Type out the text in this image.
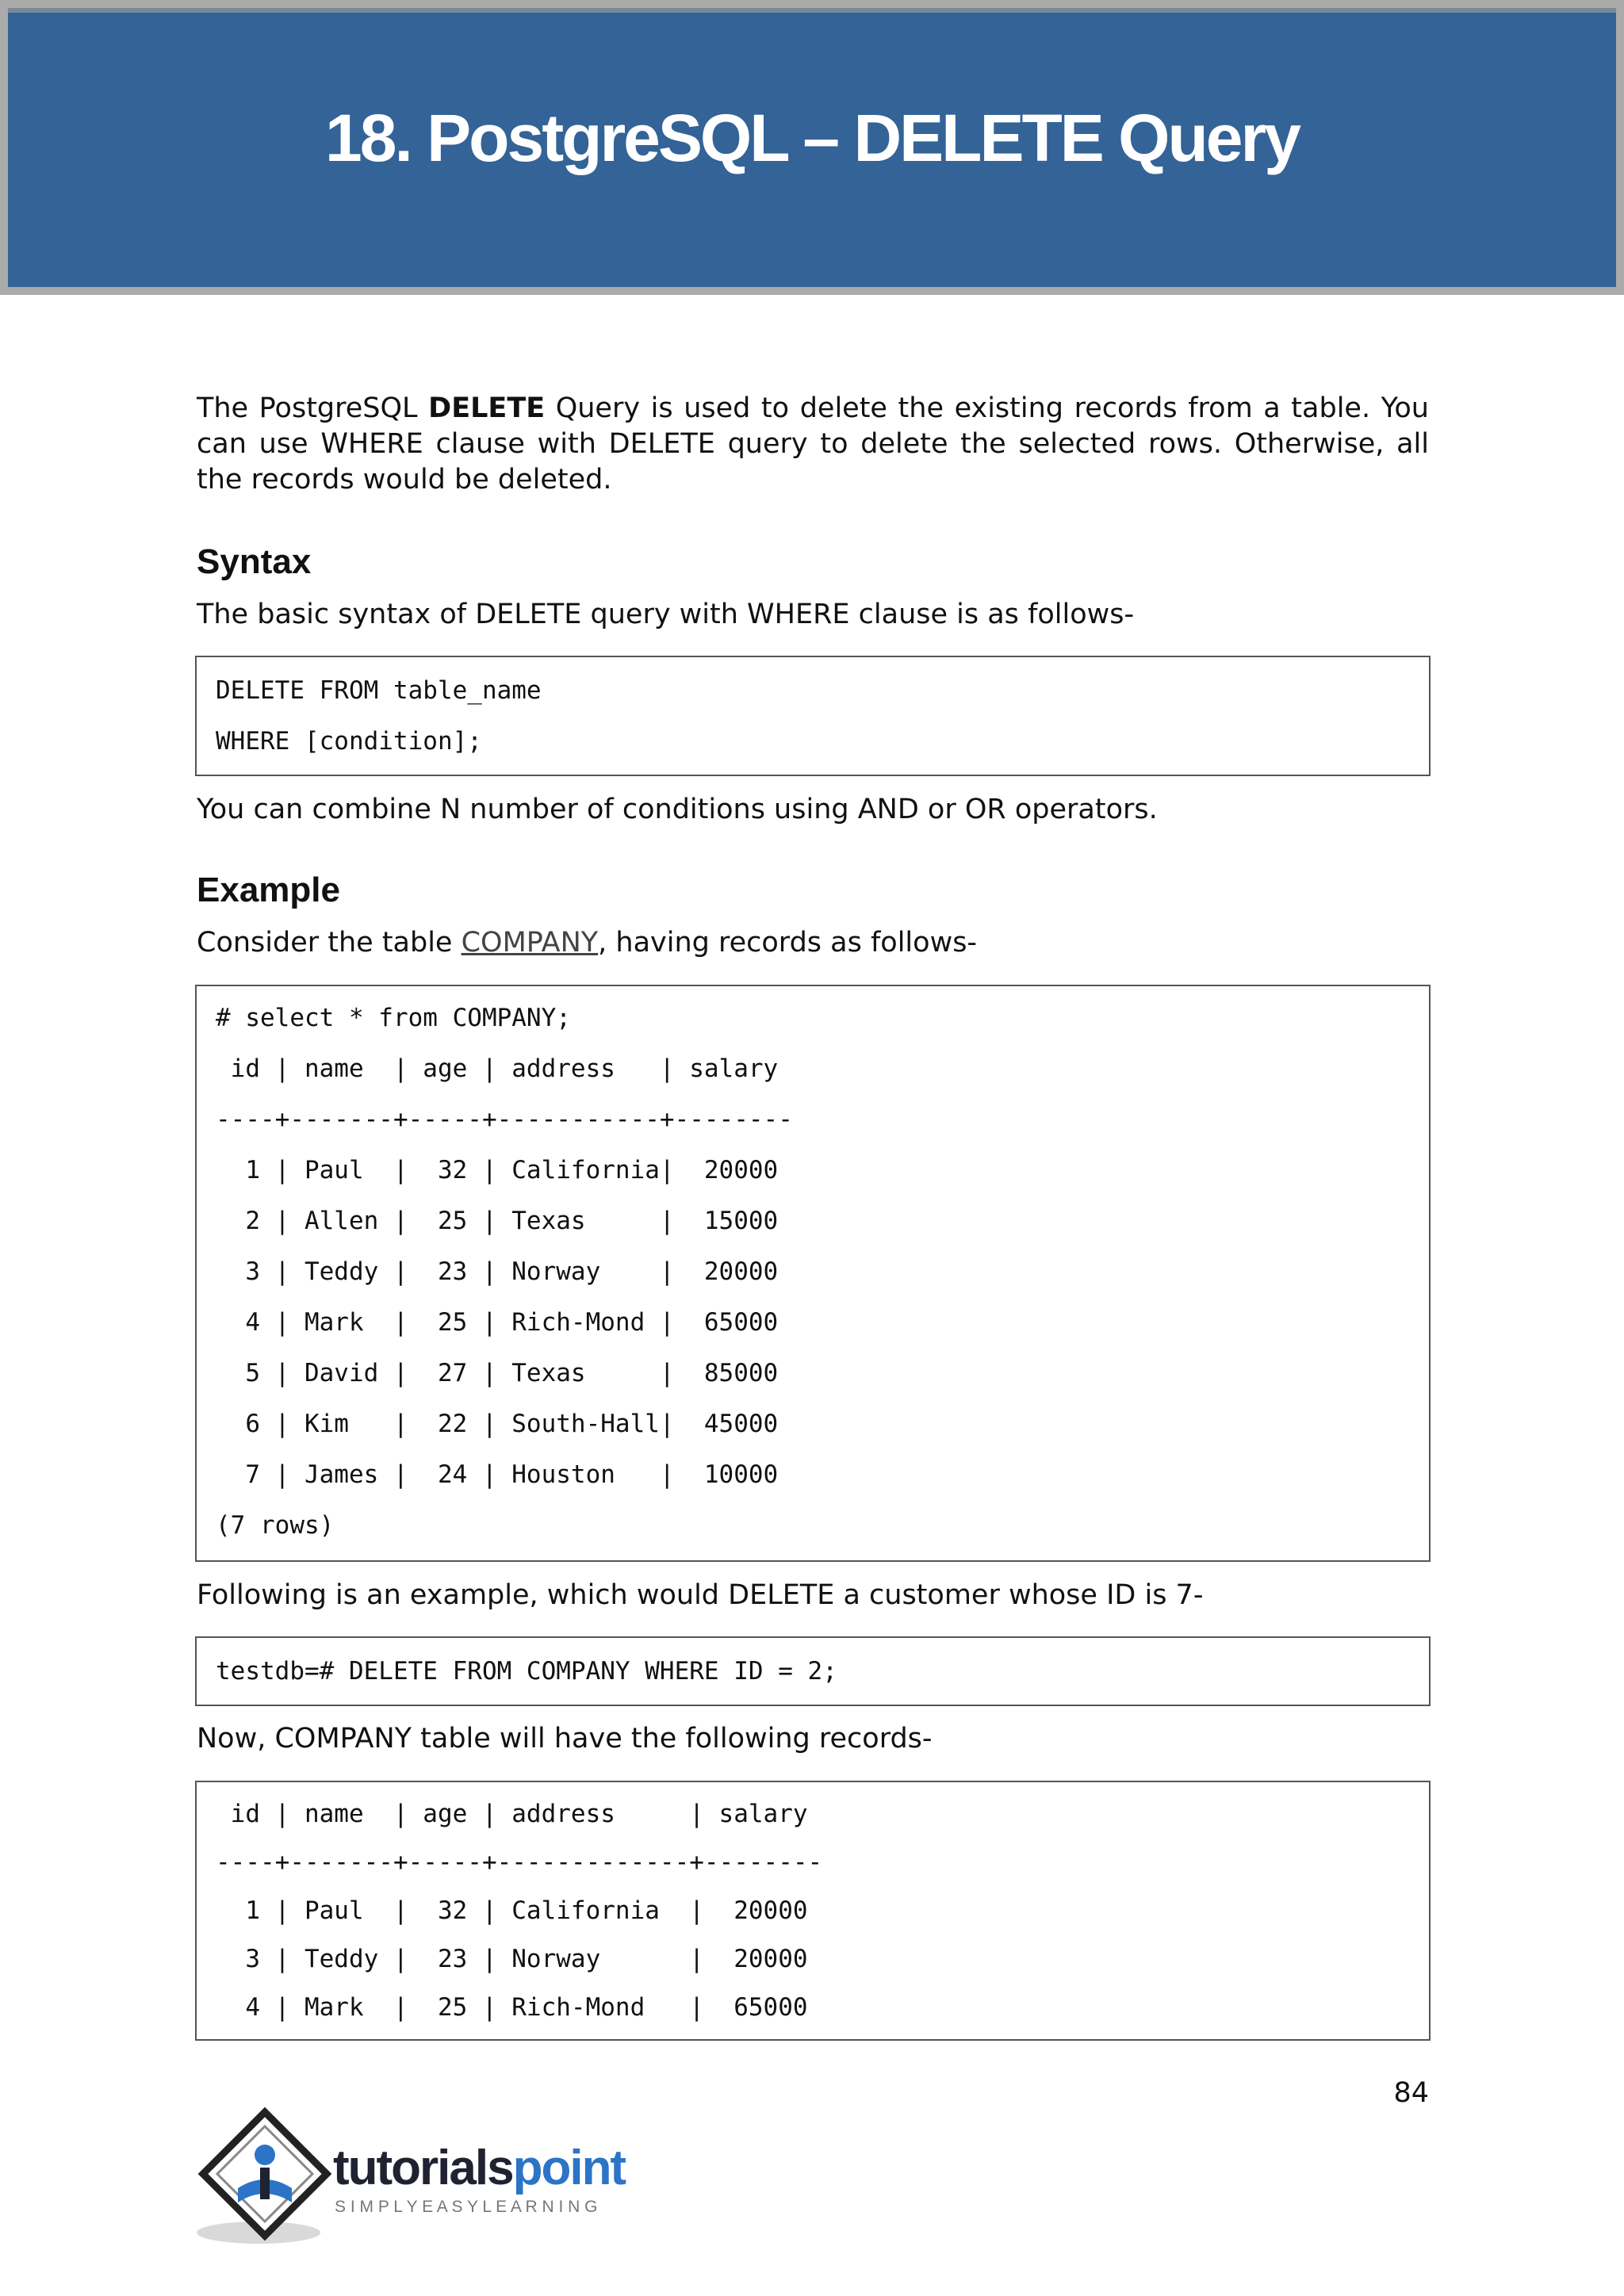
18. PostgreSQL – DELETE Query
The PostgreSQL DELETE Query is used to delete the existing records from a table. You can use WHERE clause with DELETE query to delete the selected rows. Otherwise, all the records would be deleted.
Syntax
The basic syntax of DELETE query with WHERE clause is as follows-
DELETE FROM table_name
WHERE [condition];
You can combine N number of conditions using AND or OR operators.
Example
Consider the table COMPANY, having records as follows-
# select * from COMPANY;
id | name  | age | address   | salary
----+-------+-----+-----------+--------
1 | Paul  |  32 | California|  20000
2 | Allen |  25 | Texas     |  15000
3 | Teddy |  23 | Norway    |  20000
4 | Mark  |  25 | Rich-Mond |  65000
5 | David |  27 | Texas     |  85000
6 | Kim   |  22 | South-Hall|  45000
7 | James |  24 | Houston   |  10000
(7 rows)
Following is an example, which would DELETE a customer whose ID is 7-
testdb=# DELETE FROM COMPANY WHERE ID = 2;
Now, COMPANY table will have the following records-
id | name  | age | address     | salary
----+-------+-----+-------------+--------
1 | Paul  |  32 | California  |  20000
3 | Teddy |  23 | Norway      |  20000
4 | Mark  |  25 | Rich-Mond   |  65000
84
tutorialspoint
S I M P L Y E A S Y L E A R N I N G
